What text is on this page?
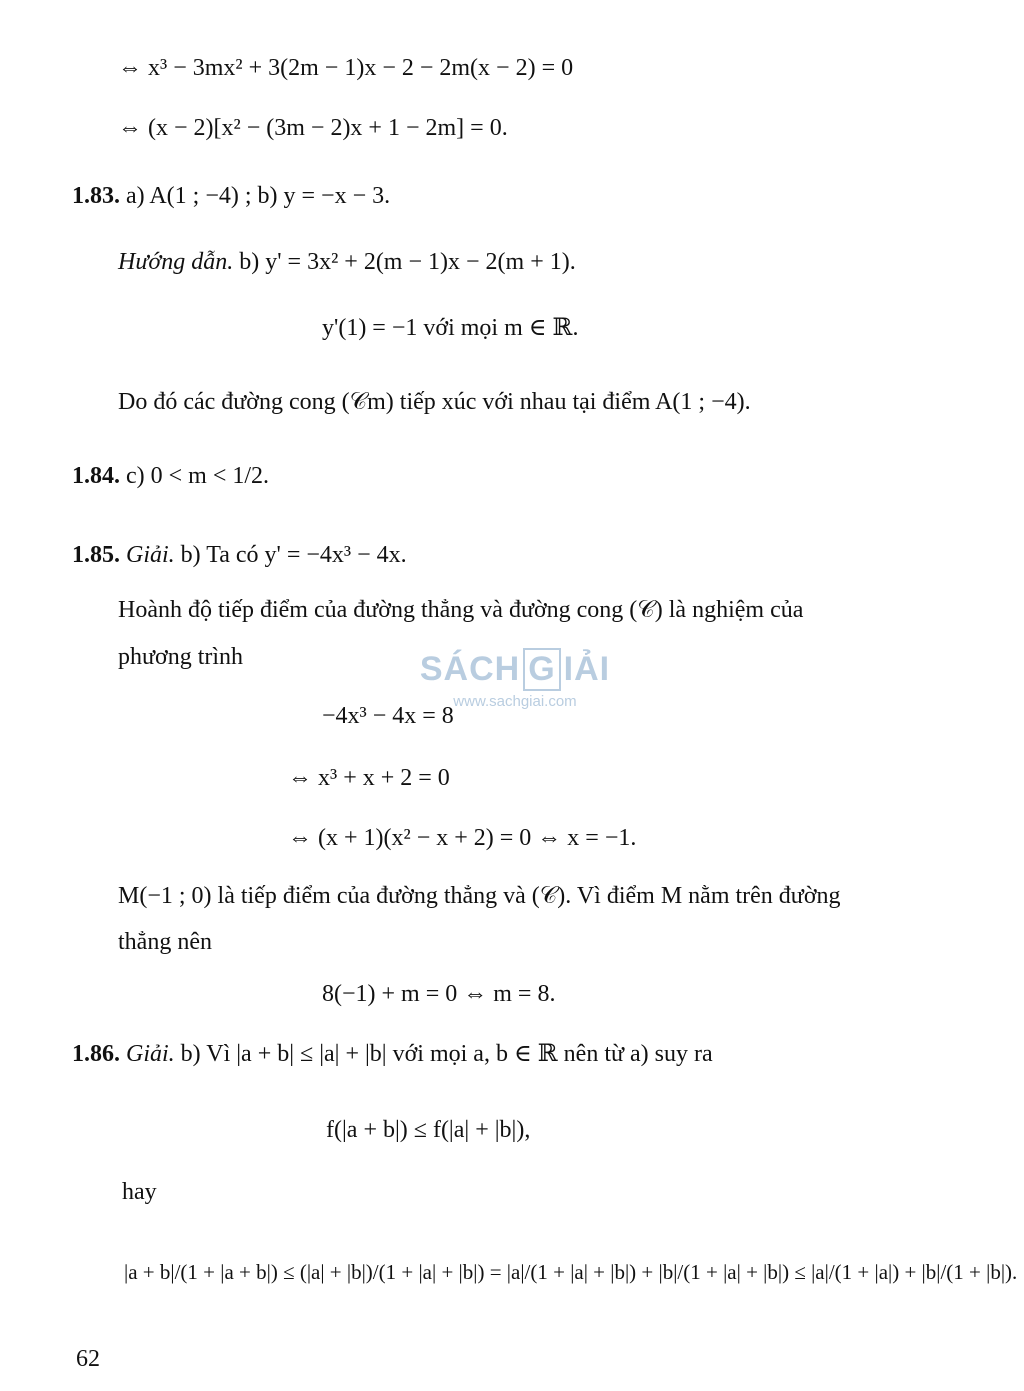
⇔ x³ − 3mx² + 3(2m − 1)x − 2 − 2m(x − 2) = 0
⇔ (x − 2)[x² − (3m − 2)x + 1 − 2m] = 0.
1.83. a) A(1 ; −4) ; b) y = −x − 3.
Hướng dẫn. b) y' = 3x² + 2(m − 1)x − 2(m + 1).
y'(1) = −1 với mọi m ∈ ℝ.
Do đó các đường cong (𝒞m) tiếp xúc với nhau tại điểm A(1 ; −4).
1.84. c) 0 < m < 1/2.
1.85. Giải. b) Ta có y' = −4x³ − 4x.
Hoành độ tiếp điểm của đường thẳng và đường cong (𝒞) là nghiệm của
phương trình	SÁCH G IẢI
www.sachgiai.com
−4x³ − 4x = 8
⇔ x³ + x + 2 = 0
⇔ (x + 1)(x² − x + 2) = 0 ⇔ x = −1.
M(−1 ; 0) là tiếp điểm của đường thẳng và (𝒞). Vì điểm M nằm trên đường
thẳng nên
8(−1) + m = 0 ⇔ m = 8.
1.86. Giải. b) Vì |a + b| ≤ |a| + |b| với mọi a, b ∈ ℝ nên từ a) suy ra
f(|a + b|) ≤ f(|a| + |b|),
hay
|a + b|/(1 + |a + b|) ≤ (|a| + |b|)/(1 + |a| + |b|) = |a|/(1 + |a| + |b|) + |b|/(1 + |a| + |b|) ≤ |a|/(1 + |a|) + |b|/(1 + |b|).
62
